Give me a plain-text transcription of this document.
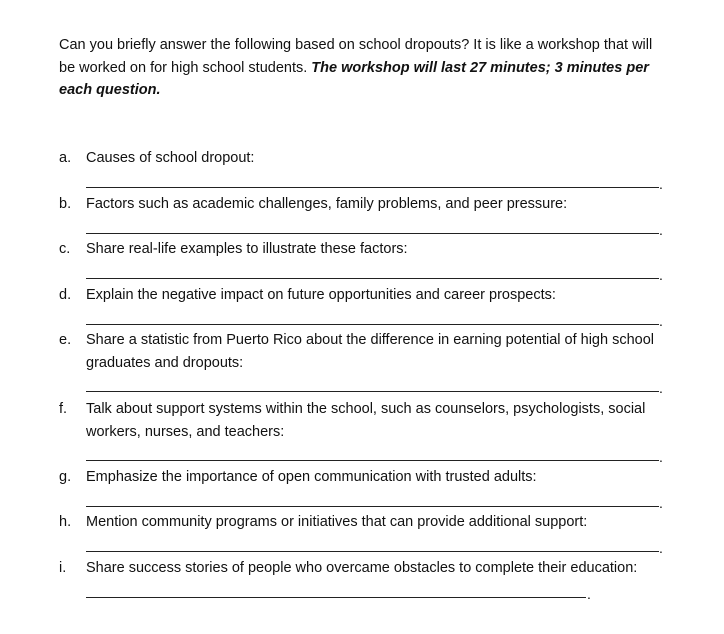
Can you briefly answer the following based on school dropouts? It is like a workshop that will be worked on for high school students. The workshop will last 27 minutes; 3 minutes per each question.
a.	Causes of school dropout:
.
b.	Factors such as academic challenges, family problems, and peer pressure:
.
c.	Share real-life examples to illustrate these factors:
.
d.	Explain the negative impact on future opportunities and career prospects:
.
e.	Share a statistic from Puerto Rico about the difference in earning potential of high school graduates and dropouts:
.
f.	Talk about support systems within the school, such as counselors, psychologists, social workers, nurses, and teachers:
.
g.	Emphasize the importance of open communication with trusted adults:
.
h.	Mention community programs or initiatives that can provide additional support:
.
i.	Share success stories of people who overcame obstacles to complete their education:
.
